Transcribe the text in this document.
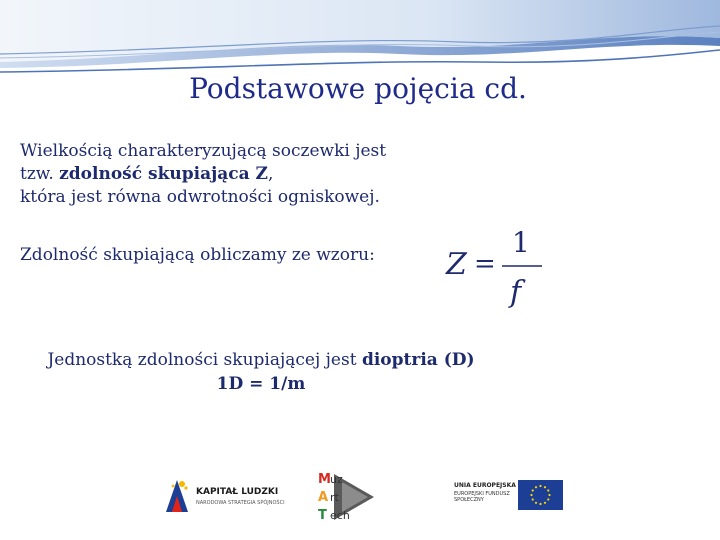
Podstawowe pojęcia cd.
Wielkością charakteryzującą soczewki jest
tzw. zdolność skupiająca Z,
która jest równa odwrotności ogniskowej.
Zdolność skupiającą obliczamy ze wzoru: Z =
1
f
Jednostką zdolności skupiającej jest dioptria (D)
1D = 1/m
KAPITAŁ LUDZKI
NARODOWA STRATEGIA SPÓJNOŚCI
M uz
A rt
T ech
Info
UNIA EUROPEJSKA
EUROPEJSKI FUNDUSZ SPOŁECZNY
